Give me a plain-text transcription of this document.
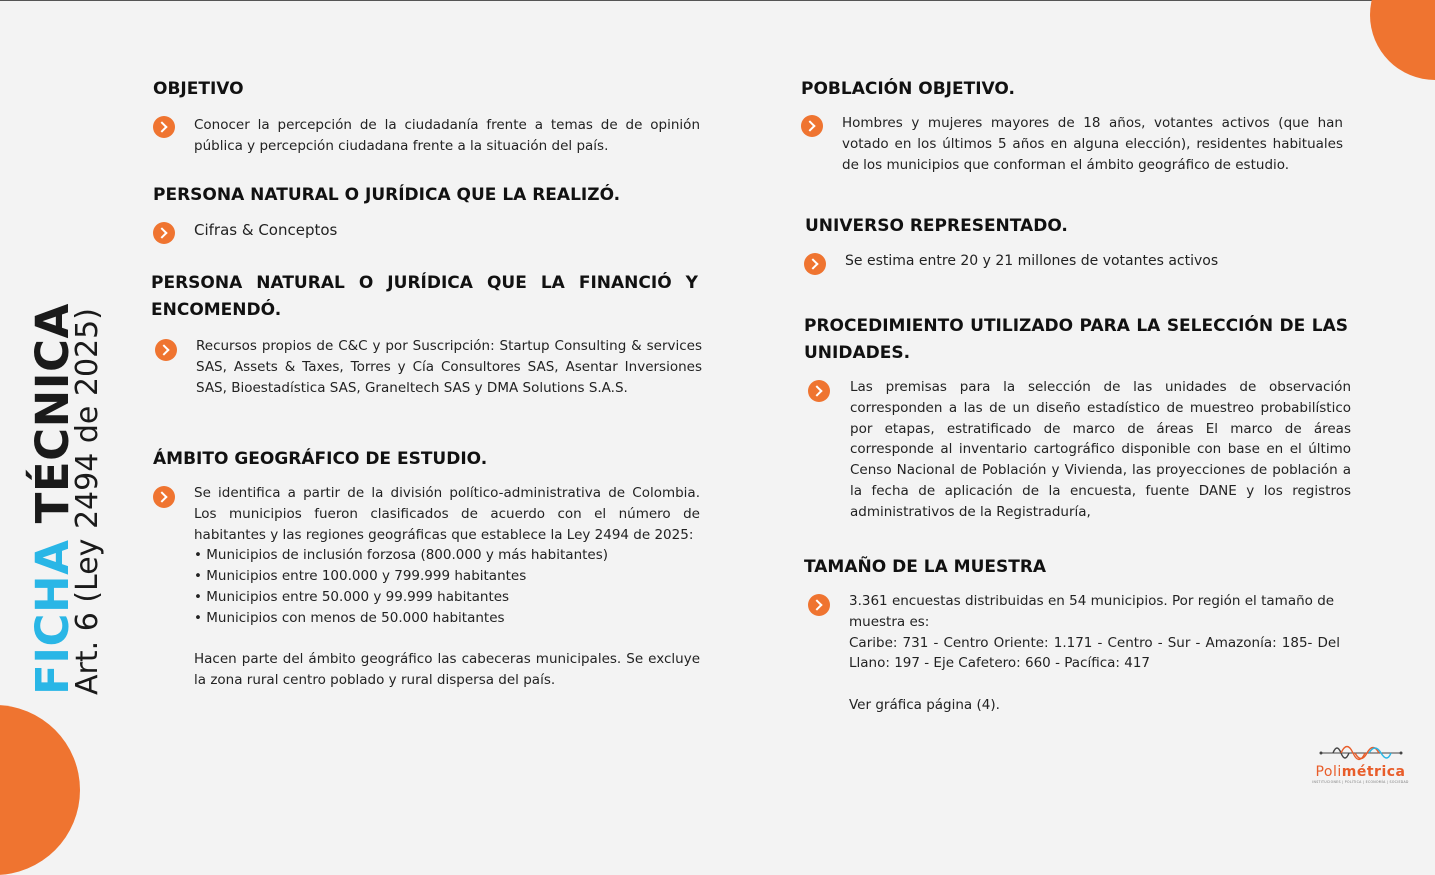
FICHA TÉCNICA
Art. 6 (Ley 2494 de 2025)
OBJETIVO
Conocer la percepción de la ciudadanía frente a temas de de opinión pública y percepción ciudadana frente a la situación del país.
PERSONA NATURAL O JURÍDICA QUE LA REALIZÓ.
Cifras & Conceptos
PERSONA NATURAL O JURÍDICA QUE LA FINANCIÓ Y ENCOMENDÓ.
Recursos propios de C&C y por Suscripción: Startup Consulting & services SAS, Assets & Taxes, Torres y Cía Consultores SAS, Asentar Inversiones SAS, Bioestadística SAS, Graneltech SAS y DMA Solutions S.A.S.
ÁMBITO GEOGRÁFICO DE ESTUDIO.

Se identifica a partir de la división político-administrativa de Colombia. Los municipios fueron clasificados de acuerdo con el número de habitantes y las regiones geográficas que establece la Ley 2494 de 2025:

• Municipios de inclusión forzosa (800.000 y más habitantes)

• Municipios entre 100.000 y 799.999 habitantes

• Municipios entre 50.000 y 99.999 habitantes

• Municipios con menos de 50.000 habitantes

Hacen parte del ámbito geográfico las cabeceras municipales. Se excluye la zona rural centro poblado y rural dispersa del país.

POBLACIÓN OBJETIVO.
Hombres y mujeres mayores de 18 años, votantes activos (que han votado en los últimos 5 años en alguna elección), residentes habituales de los municipios que conforman el ámbito geográfico de estudio.
UNIVERSO REPRESENTADO.
Se estima entre 20 y 21 millones de votantes activos
PROCEDIMIENTO UTILIZADO PARA LA SELECCIÓN DE LAS UNIDADES.
Las premisas para la selección de las unidades de observación corresponden a las de un diseño estadístico de muestreo probabilístico por etapas, estratificado de marco de áreas El marco de áreas corresponde al inventario cartográfico disponible con base en el último Censo Nacional de Población y Vivienda, las proyecciones de población a la fecha de aplicación de la encuesta, fuente DANE y los registros administrativos de la Registraduría,
TAMAÑO DE LA MUESTRA

3.361 encuestas distribuidas en 54 municipios. Por región el tamaño de muestra es:

Caribe: 731 - Centro Oriente: 1.171 - Centro - Sur - Amazonía: 185- Del Llano: 197 - Eje Cafetero: 660 - Pacífica: 417

Ver gráfica página (4).

Polimétrica
INSTITUCIONES | POLÍTICA | ECONOMÍA | SOCIEDAD
